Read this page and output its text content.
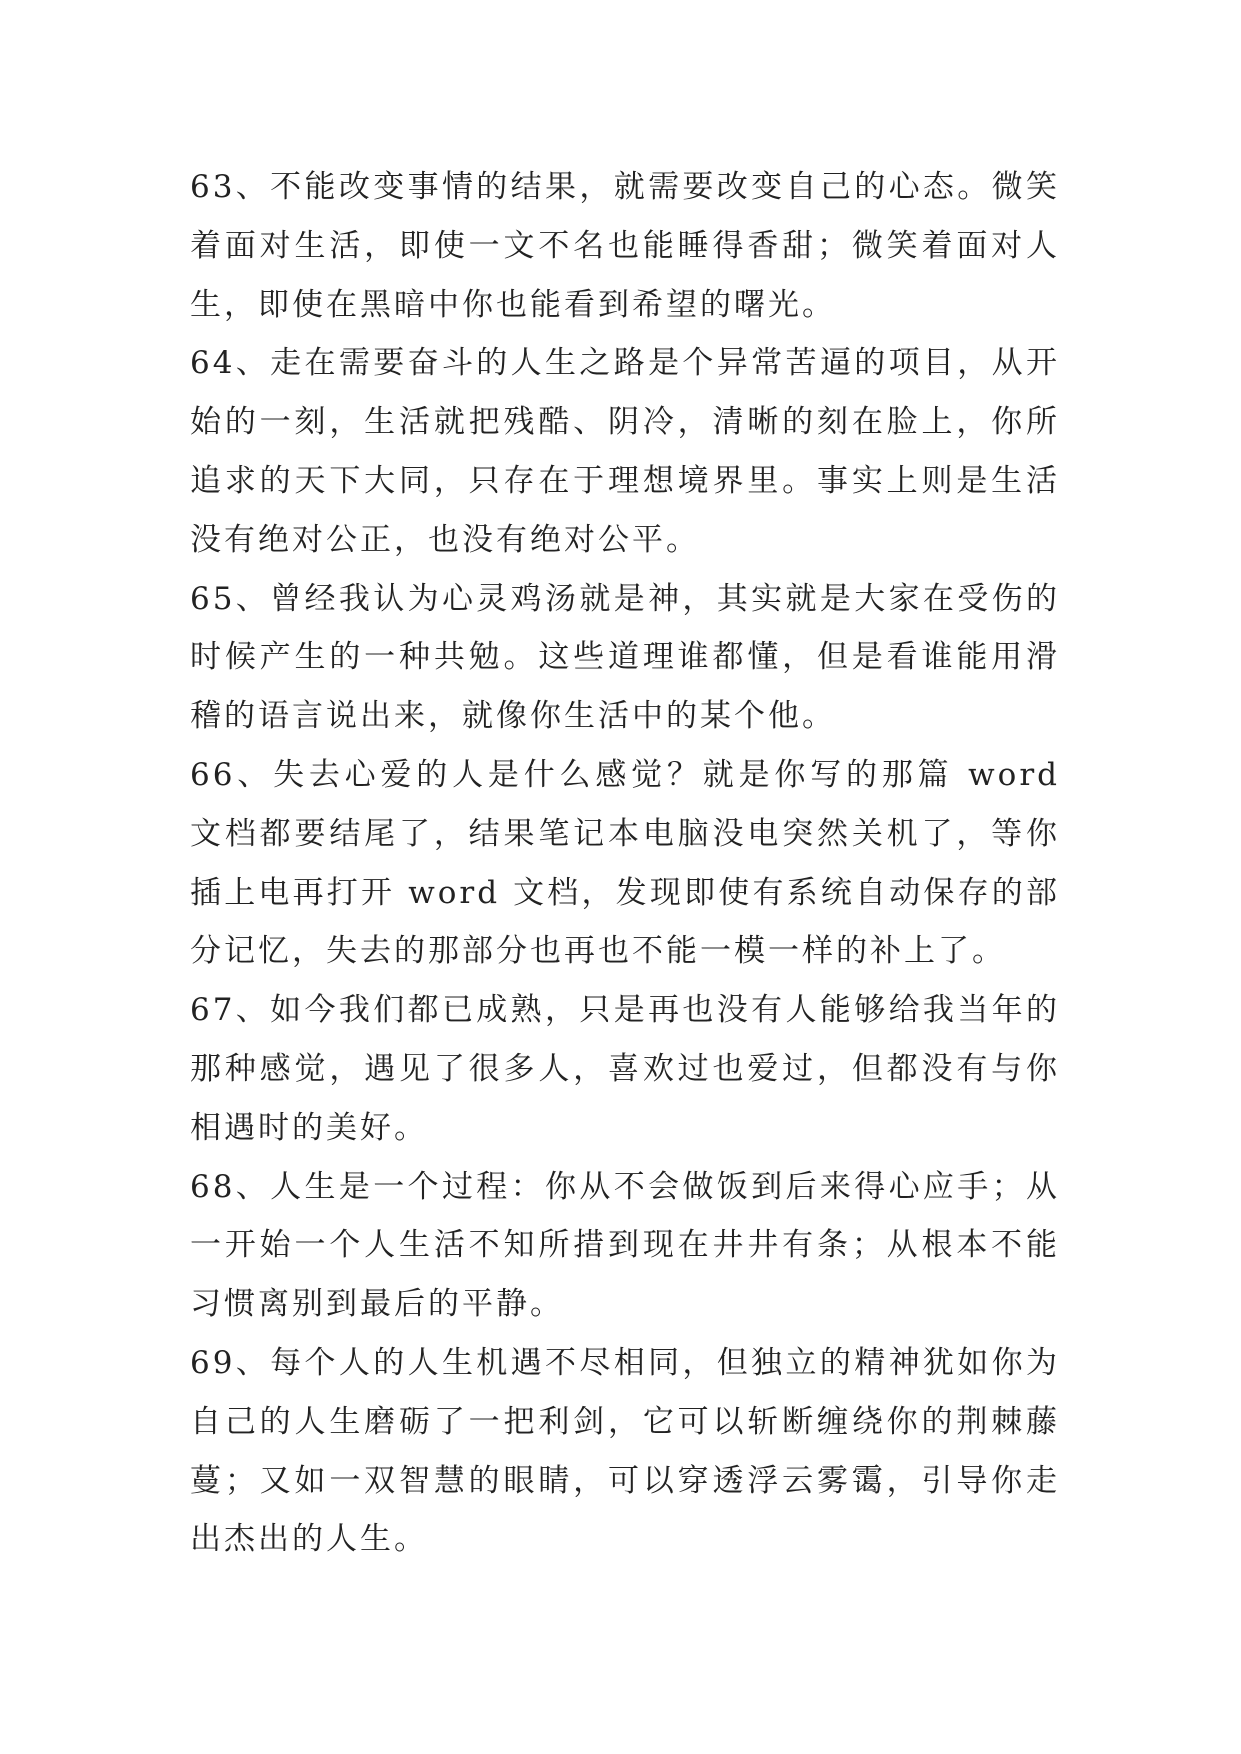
63、不能改变事情的结果，就需要改变自己的心态。微笑着面对生活，即使一文不名也能睡得香甜；微笑着面对人生，即使在黑暗中你也能看到希望的曙光。

64、走在需要奋斗的人生之路是个异常苦逼的项目，从开始的一刻，生活就把残酷、阴冷，清晰的刻在脸上，你所追求的天下大同，只存在于理想境界里。事实上则是生活没有绝对公正，也没有绝对公平。

65、曾经我认为心灵鸡汤就是神，其实就是大家在受伤的时候产生的一种共勉。这些道理谁都懂，但是看谁能用滑稽的语言说出来，就像你生活中的某个他。

66、失去心爱的人是什么感觉？就是你写的那篇 word 文档都要结尾了，结果笔记本电脑没电突然关机了，等你插上电再打开 word 文档，发现即使有系统自动保存的部分记忆，失去的那部分也再也不能一模一样的补上了。

67、如今我们都已成熟，只是再也没有人能够给我当年的那种感觉，遇见了很多人，喜欢过也爱过，但都没有与你相遇时的美好。

68、人生是一个过程：你从不会做饭到后来得心应手；从一开始一个人生活不知所措到现在井井有条；从根本不能习惯离别到最后的平静。

69、每个人的人生机遇不尽相同，但独立的精神犹如你为自己的人生磨砺了一把利剑，它可以斩断缠绕你的荆棘藤蔓；又如一双智慧的眼睛，可以穿透浮云雾霭，引导你走出杰出的人生。
